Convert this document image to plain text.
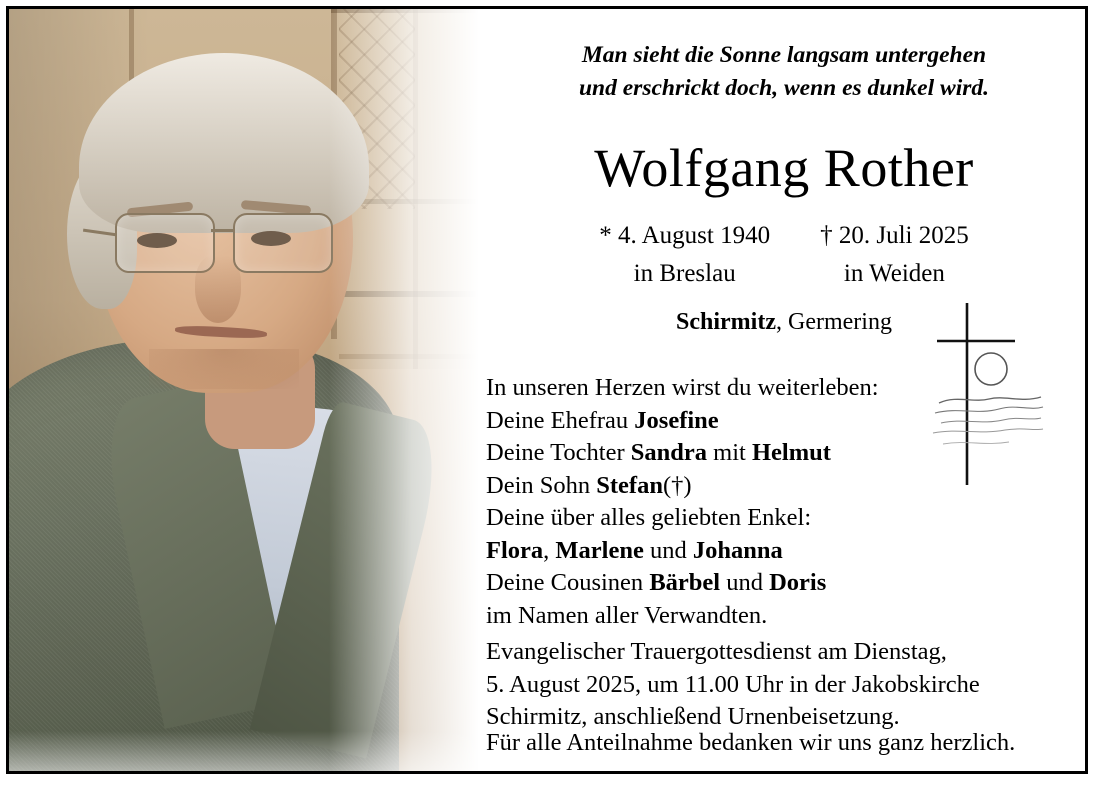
Man sieht die Sonne langsam untergehen
und erschrickt doch, wenn es dunkel wird.
Wolfgang Rother
* 4. August 1940
in Breslau
† 20. Juli 2025
in Weiden
Schirmitz, Germering
In unseren Herzen wirst du weiterleben:
Deine Ehefrau Josefine
Deine Tochter Sandra mit Helmut
Dein Sohn Stefan(†)
Deine über alles geliebten Enkel:
Flora, Marlene und Johanna
Deine Cousinen Bärbel und Doris
im Namen aller Verwandten.
Evangelischer Trauergottesdienst am Dienstag,
5. August 2025, um 11.00 Uhr in der Jakobskirche
Schirmitz, anschließend Urnenbeisetzung.
Für alle Anteilnahme bedanken wir uns ganz herzlich.
